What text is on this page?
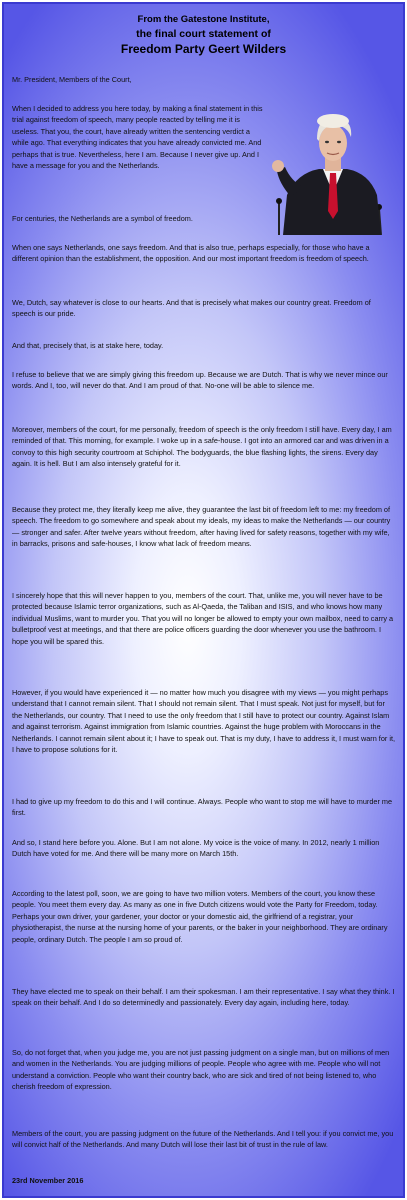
From the Gatestone Institute,
the final court statement of
Freedom Party Geert Wilders

Mr. President, Members of the Court,

When I decided to address you here today, by making a final statement in this trial against freedom of speech, many people reacted by telling me it is useless. That you, the court, have already written the sentencing verdict a while ago. That everything indicates that you have already convicted me. And perhaps that is true. Nevertheless, here I am. Because I never give up. And I have a message for you and the Netherlands.

For centuries, the Netherlands are a symbol of freedom.

When one says Netherlands, one says freedom. And that is also true, perhaps especially, for those who have a different opinion than the establishment, the opposition. And our most important freedom is freedom of speech.

We, Dutch, say whatever is close to our hearts. And that is precisely what makes our country great. Freedom of speech is our pride.

And that, precisely that, is at stake here, today.

I refuse to believe that we are simply giving this freedom up. Because we are Dutch. That is why we never mince our words. And I, too, will never do that. And I am proud of that. No-one will be able to silence me.

Moreover, members of the court, for me personally, freedom of speech is the only freedom I still have. Every day, I am reminded of that. This morning, for example. I woke up in a safe-house. I got into an armored car and was driven in a convoy to this high security courtroom at Schiphol. The bodyguards, the blue flashing lights, the sirens. Every day again. It is hell. But I am also intensely grateful for it.

Because they protect me, they literally keep me alive, they guarantee the last bit of freedom left to me: my freedom of speech. The freedom to go somewhere and speak about my ideals, my ideas to make the Netherlands — our country — stronger and safer. After twelve years without freedom, after having lived for safety reasons, together with my wife, in barracks, prisons and safe-houses, I know what lack of freedom means.

I sincerely hope that this will never happen to you, members of the court. That, unlike me, you will never have to be protected because Islamic terror organizations, such as Al-Qaeda, the Taliban and ISIS, and who knows how many individual Muslims, want to murder you. That you will no longer be allowed to empty your own mailbox, need to carry a bulletproof vest at meetings, and that there are police officers guarding the door whenever you use the bathroom. I hope you will be spared this.

However, if you would have experienced it — no matter how much you disagree with my views — you might perhaps understand that I cannot remain silent. That I should not remain silent. That I must speak. Not just for myself, but for the Netherlands, our country. That I need to use the only freedom that I still have to protect our country. Against Islam and against terrorism. Against immigration from Islamic countries. Against the huge problem with Moroccans in the Netherlands. I cannot remain silent about it; I have to speak out. That is my duty, I have to address it, I must warn for it, I have to propose solutions for it.

I had to give up my freedom to do this and I will continue. Always. People who want to stop me will have to murder me first.

And so, I stand here before you. Alone. But I am not alone. My voice is the voice of many. In 2012, nearly 1 million Dutch have voted for me. And there will be many more on March 15th.

According to the latest poll, soon, we are going to have two million voters. Members of the court, you know these people. You meet them every day. As many as one in five Dutch citizens would vote the Party for Freedom, today. Perhaps your own driver, your gardener, your doctor or your domestic aid, the girlfriend of a registrar, your physiotherapist, the nurse at the nursing home of your parents, or the baker in your neighborhood. They are ordinary people, ordinary Dutch. The people I am so proud of.

They have elected me to speak on their behalf. I am their spokesman. I am their representative. I say what they think. I speak on their behalf. And I do so determinedly and passionately. Every day again, including here, today.

So, do not forget that, when you judge me, you are not just passing judgment on a single man, but on millions of men and women in the Netherlands. You are judging millions of people. People who agree with me. People who will not understand a conviction. People who want their country back, who are sick and tired of not being listened to, who cherish freedom of expression.

Members of the court, you are passing judgment on the future of the Netherlands. And I tell you: if you convict me, you will convict half of the Netherlands. And many Dutch will lose their last bit of trust in the rule of law.

23rd November 2016
